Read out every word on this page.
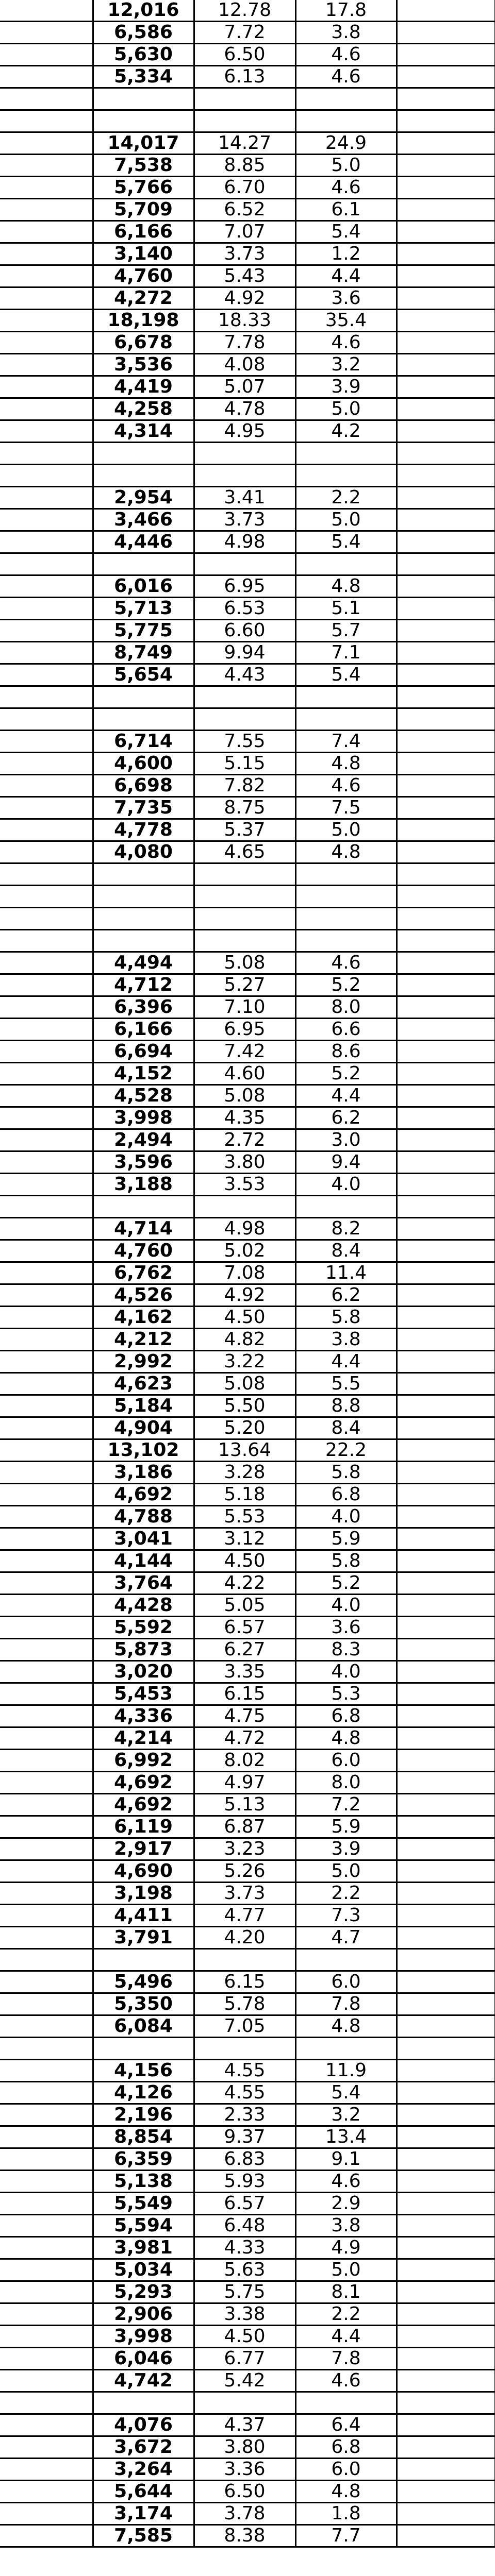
	12,016	12.78	17.8	
	6,586	7.72	3.8	
	5,630	6.50	4.6	
	5,334	6.13	4.6	

	14,017	14.27	24.9	
	7,538	8.85	5.0	
	5,766	6.70	4.6	
	5,709	6.52	6.1	
	6,166	7.07	5.4	
	3,140	3.73	1.2	
	4,760	5.43	4.4	
	4,272	4.92	3.6	
	18,198	18.33	35.4	
	6,678	7.78	4.6	
	3,536	4.08	3.2	
	4,419	5.07	3.9	
	4,258	4.78	5.0	
	4,314	4.95	4.2	

	2,954	3.41	2.2	
	3,466	3.73	5.0	
	4,446	4.98	5.4	

	6,016	6.95	4.8	
	5,713	6.53	5.1	
	5,775	6.60	5.7	
	8,749	9.94	7.1	
	5,654	4.43	5.4	

	6,714	7.55	7.4	
	4,600	5.15	4.8	
	6,698	7.82	4.6	
	7,735	8.75	7.5	
	4,778	5.37	5.0	
	4,080	4.65	4.8	

	4,494	5.08	4.6	
	4,712	5.27	5.2	
	6,396	7.10	8.0	
	6,166	6.95	6.6	
	6,694	7.42	8.6	
	4,152	4.60	5.2	
	4,528	5.08	4.4	
	3,998	4.35	6.2	
	2,494	2.72	3.0	
	3,596	3.80	9.4	
	3,188	3.53	4.0	

	4,714	4.98	8.2	
	4,760	5.02	8.4	
	6,762	7.08	11.4	
	4,526	4.92	6.2	
	4,162	4.50	5.8	
	4,212	4.82	3.8	
	2,992	3.22	4.4	
	4,623	5.08	5.5	
	5,184	5.50	8.8	
	4,904	5.20	8.4	
	13,102	13.64	22.2	
	3,186	3.28	5.8	
	4,692	5.18	6.8	
	4,788	5.53	4.0	
	3,041	3.12	5.9	
	4,144	4.50	5.8	
	3,764	4.22	5.2	
	4,428	5.05	4.0	
	5,592	6.57	3.6	
	5,873	6.27	8.3	
	3,020	3.35	4.0	
	5,453	6.15	5.3	
	4,336	4.75	6.8	
	4,214	4.72	4.8	
	6,992	8.02	6.0	
	4,692	4.97	8.0	
	4,692	5.13	7.2	
	6,119	6.87	5.9	
	2,917	3.23	3.9	
	4,690	5.26	5.0	
	3,198	3.73	2.2	
	4,411	4.77	7.3	
	3,791	4.20	4.7	

	5,496	6.15	6.0	
	5,350	5.78	7.8	
	6,084	7.05	4.8	

	4,156	4.55	11.9	
	4,126	4.55	5.4	
	2,196	2.33	3.2	
	8,854	9.37	13.4	
	6,359	6.83	9.1	
	5,138	5.93	4.6	
	5,549	6.57	2.9	
	5,594	6.48	3.8	
	3,981	4.33	4.9	
	5,034	5.63	5.0	
	5,293	5.75	8.1	
	2,906	3.38	2.2	
	3,998	4.50	4.4	
	6,046	6.77	7.8	
	4,742	5.42	4.6	

	4,076	4.37	6.4	
	3,672	3.80	6.8	
	3,264	3.36	6.0	
	5,644	6.50	4.8	
	3,174	3.78	1.8	
	7,585	8.38	7.7	
